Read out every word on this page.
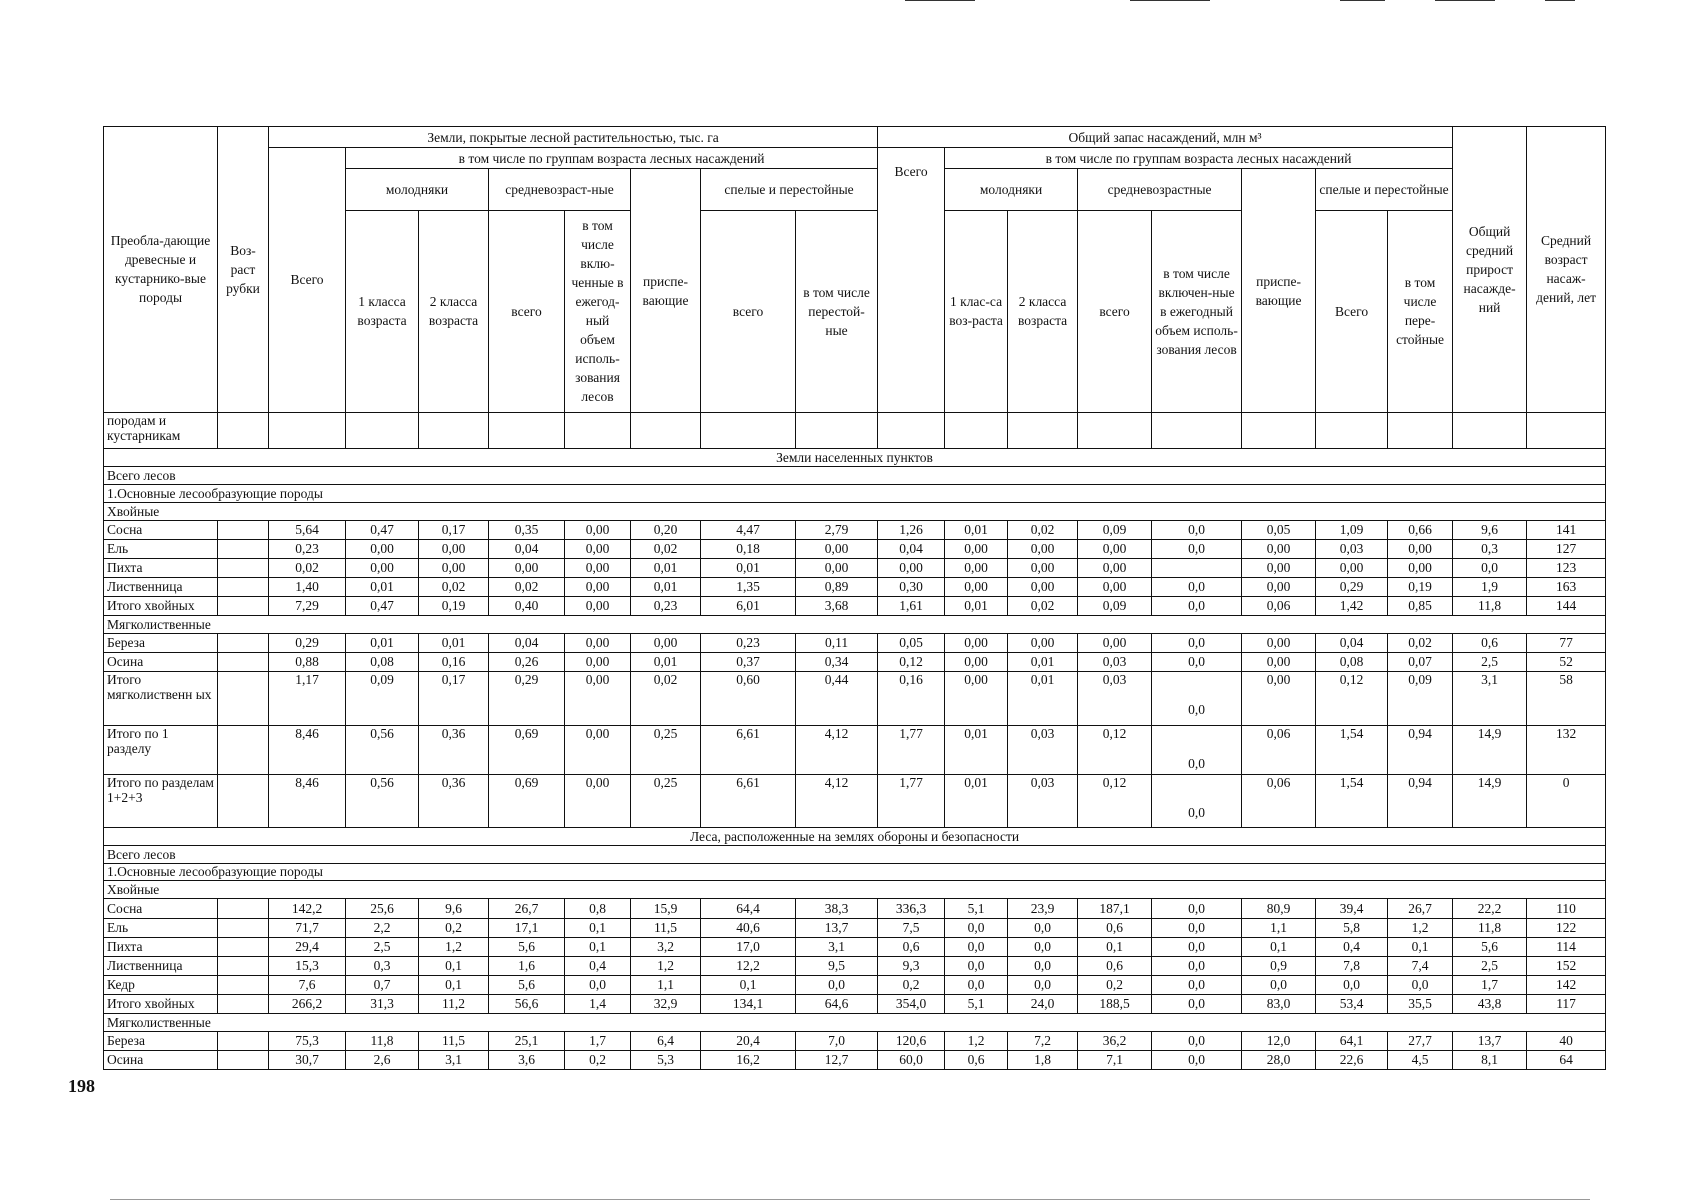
Преобла-дающие древесные и кустарнико-вые породы	Воз-раст рубки	Земли, покрытые лесной растительностью, тыс. га								Общий запас насаждений, млн м³								Общий средний прирост насажде-ний	Средний возраст насаж-дений, лет
		Всего	в том числе по группам возраста лесных насаждений							Всего	в том числе по группам возраста лесных насаждений								
			молодняки		средневозраст-ные		приспе-вающие	спелые и перестойные			молодняки		средневозрастные		приспе-вающие	спелые и перестойные			
			1 класса возраста	2 класса возраста	всего	в том числе вклю-ченные в ежегод-ный объем исполь-зования лесов		всего	в том числе перестой-ные		1 клас-са воз-раста	2 класса возраста	всего	в том числе включен-ные в ежегодный объем исполь-зования лесов		Всего	в том числе пере-стойные		
породам и кустарникам																			
Земли населенных пунктов																			
Всего лесов																			
1.Основные лесообразующие породы																			
Хвойные																			
Сосна		5,64	0,47	0,17	0,35	0,00	0,20	4,47	2,79	1,26	0,01	0,02	0,09	0,0	0,05	1,09	0,66	9,6	141
Ель		0,23	0,00	0,00	0,04	0,00	0,02	0,18	0,00	0,04	0,00	0,00	0,00	0,0	0,00	0,03	0,00	0,3	127
Пихта		0,02	0,00	0,00	0,00	0,00	0,01	0,01	0,00	0,00	0,00	0,00	0,00		0,00	0,00	0,00	0,0	123
Лиственница		1,40	0,01	0,02	0,02	0,00	0,01	1,35	0,89	0,30	0,00	0,00	0,00	0,0	0,00	0,29	0,19	1,9	163
Итого хвойных		7,29	0,47	0,19	0,40	0,00	0,23	6,01	3,68	1,61	0,01	0,02	0,09	0,0	0,06	1,42	0,85	11,8	144
Мягколиственные																			
Береза		0,29	0,01	0,01	0,04	0,00	0,00	0,23	0,11	0,05	0,00	0,00	0,00	0,0	0,00	0,04	0,02	0,6	77
Осина		0,88	0,08	0,16	0,26	0,00	0,01	0,37	0,34	0,12	0,00	0,01	0,03	0,0	0,00	0,08	0,07	2,5	52
Итого мягколиственн ых		1,17	0,09	0,17	0,29	0,00	0,02	0,60	0,44	0,16	0,00	0,01	0,03	0,0	0,00	0,12	0,09	3,1	58
Итого по 1 разделу		8,46	0,56	0,36	0,69	0,00	0,25	6,61	4,12	1,77	0,01	0,03	0,12	0,0	0,06	1,54	0,94	14,9	132
Итого по разделам 1+2+3		8,46	0,56	0,36	0,69	0,00	0,25	6,61	4,12	1,77	0,01	0,03	0,12	0,0	0,06	1,54	0,94	14,9	0
Леса, расположенные на землях обороны и безопасности																			
Всего лесов																			
1.Основные лесообразующие породы																			
Хвойные																			
Сосна		142,2	25,6	9,6	26,7	0,8	15,9	64,4	38,3	336,3	5,1	23,9	187,1	0,0	80,9	39,4	26,7	22,2	110
Ель		71,7	2,2	0,2	17,1	0,1	11,5	40,6	13,7	7,5	0,0	0,0	0,6	0,0	1,1	5,8	1,2	11,8	122
Пихта		29,4	2,5	1,2	5,6	0,1	3,2	17,0	3,1	0,6	0,0	0,0	0,1	0,0	0,1	0,4	0,1	5,6	114
Лиственница		15,3	0,3	0,1	1,6	0,4	1,2	12,2	9,5	9,3	0,0	0,0	0,6	0,0	0,9	7,8	7,4	2,5	152
Кедр		7,6	0,7	0,1	5,6	0,0	1,1	0,1	0,0	0,2	0,0	0,0	0,2	0,0	0,0	0,0	0,0	1,7	142
Итого хвойных		266,2	31,3	11,2	56,6	1,4	32,9	134,1	64,6	354,0	5,1	24,0	188,5	0,0	83,0	53,4	35,5	43,8	117
Мягколиственные																			
Береза		75,3	11,8	11,5	25,1	1,7	6,4	20,4	7,0	120,6	1,2	7,2	36,2	0,0	12,0	64,1	27,7	13,7	40
Осина		30,7	2,6	3,1	3,6	0,2	5,3	16,2	12,7	60,0	0,6	1,8	7,1	0,0	28,0	22,6	4,5	8,1	64
198
